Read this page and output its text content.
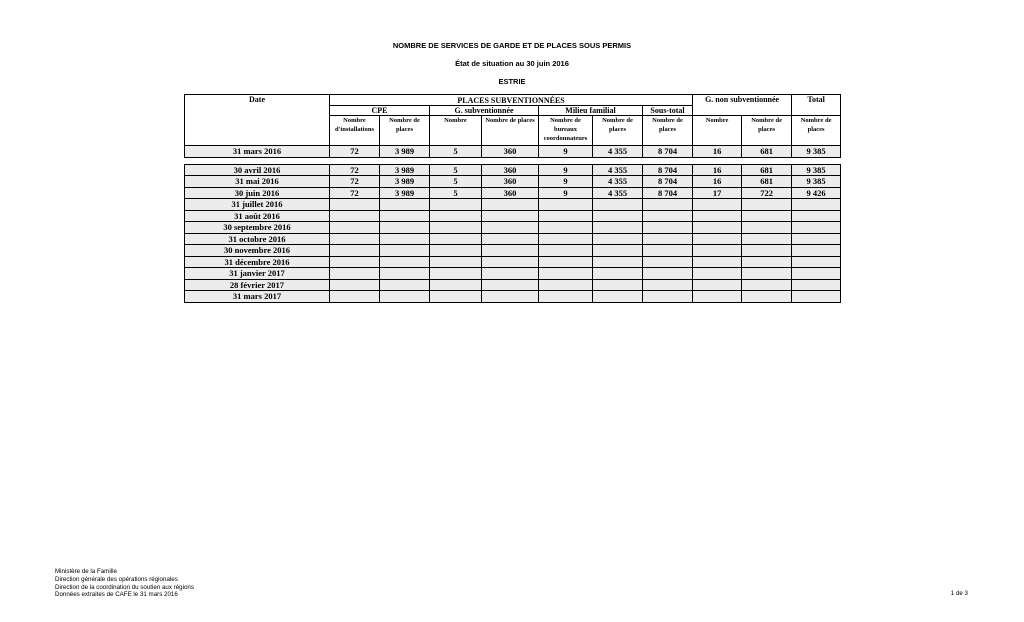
NOMBRE DE SERVICES DE GARDE ET DE PLACES SOUS PERMIS
État de situation au 30 juin 2016
ESTRIE
Date	PLACES SUBVENTIONNÉES							G. non subventionnée		Total
	CPE		G. subventionnée		Milieu familial		Sous-total			
	Nombre d'installations	Nombre de places	Nombre	Nombre de places	Nombre de bureaux coordonnateurs	Nombre de places	Nombre de places	Nombre	Nombre de places	Nombre de places
31 mars 2016	72	3 989	5	360	9	4 355	8 704	16	681	9 385

30 avril 2016	72	3 989	5	360	9	4 355	8 704	16	681	9 385
31 mai 2016	72	3 989	5	360	9	4 355	8 704	16	681	9 385
30 juin 2016	72	3 989	5	360	9	4 355	8 704	17	722	9 426
31 juillet 2016										
31 août 2016										
30 septembre 2016										
31 octobre 2016										
30 novembre 2016										
31 décembre 2016										
31 janvier 2017										
28 février 2017										
31 mars 2017										
Ministère de la Famille
Direction générale des opérations régionales
Direction de la coordination du soutien aux régions
Données extraites de CAFE le 31 mars 2016	1 de 3
